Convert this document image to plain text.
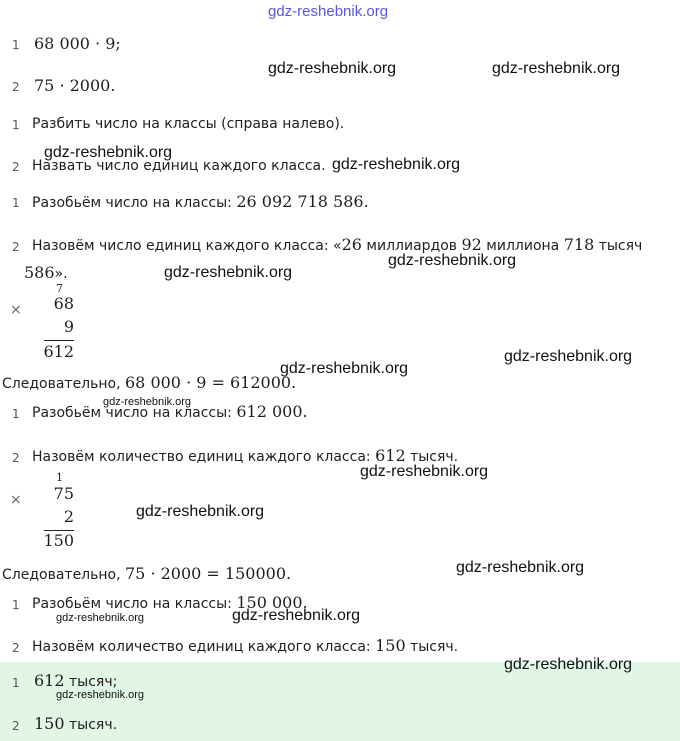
gdz-reshebnik.org
1 68 000 · 9;
2 75 · 2000.
gdz-reshebnik.org	gdz-reshebnik.org
1 Разбить число на классы (справа налево).
2 Назвать число единиц каждого класса.
gdz-reshebnik.org
gdz-reshebnik.org
1 Разобьём число на классы: 26 092 718 586.
2 Назовём число единиц каждого класса: «26 миллиардов 92 миллиона 718 тысяч
586».	gdz-reshebnik.org
gdz-reshebnik.org
×
7
68
9
612
Следовательно, 68 000 · 9 = 612000.
gdz-reshebnik.org
gdz-reshebnik.org
gdz-reshebnik.org
1 Разобьём число на классы: 612 000.
2 Назовём количество единиц каждого класса: 612 тысяч.
gdz-reshebnik.org
×
1
75
2
150
gdz-reshebnik.org
Следовательно, 75 · 2000 = 150000.	gdz-reshebnik.org
1 Разобьём число на классы: 150 000.
gdz-reshebnik.org	gdz-reshebnik.org
2 Назовём количество единиц каждого класса: 150 тысяч.
gdz-reshebnik.org
1 612 тысяч;
gdz-reshebnik.org
2 150 тысяч.
